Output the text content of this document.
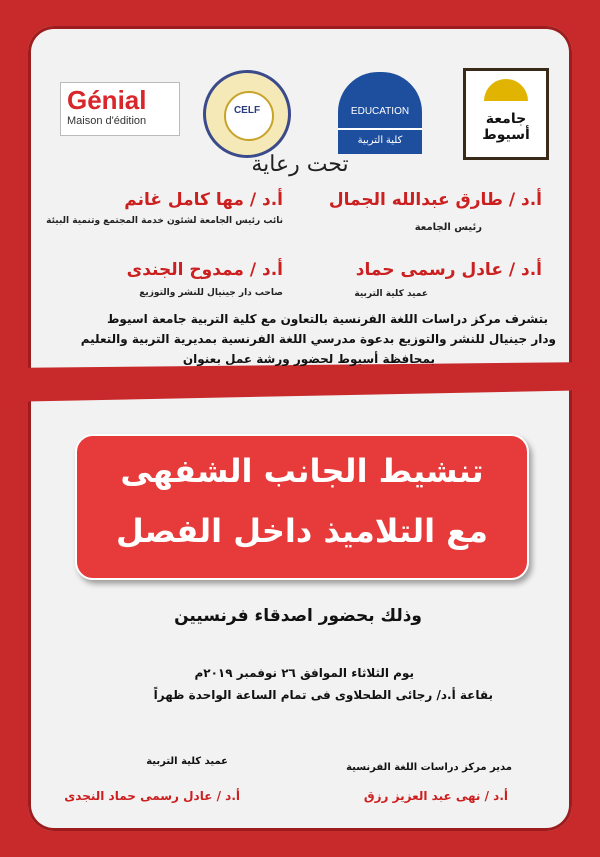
Génial
Maison d'édition
CELF	EDUCATION
كلية التربية
جامعة أسيوط
تحت رعاية
أ.د / طارق عبدالله الجمال
رئيس الجامعة
أ.د / مها كامل غانم
نائب رئيس الجامعة لشئون خدمة المجتمع وتنمية البيئة
أ.د / عادل رسمى حماد
عميد كلية التربية
أ.د / ممدوح الجندى
صاحب دار جينيال للنشر والتوزيع
بتشرف مركز دراسات اللغة الفرنسية بالتعاون مع كلية التربية جامعة اسيوط
ودار جينيال للنشر والتوزيع بدعوة مدرسي اللغة الفرنسية بمديرية التربية والتعليم
بمحافظة أسيوط لحضور ورشة عمل بعنوان
تنشيط الجانب الشفهى
مع التلاميذ داخل الفصل
وذلك بحضور اصدقاء فرنسيين
يوم الثلاثاء الموافق ٢٦ نوفمبر ٢٠١٩م
بقاعة أ.د/ رجائى الطحلاوى فى تمام الساعة الواحدة ظهراً
مدير مركز دراسات اللغة الفرنسية
أ.د / نهى عبد العزيز رزق
عميد كلية التربية
أ.د / عادل رسمى حماد النجدى
